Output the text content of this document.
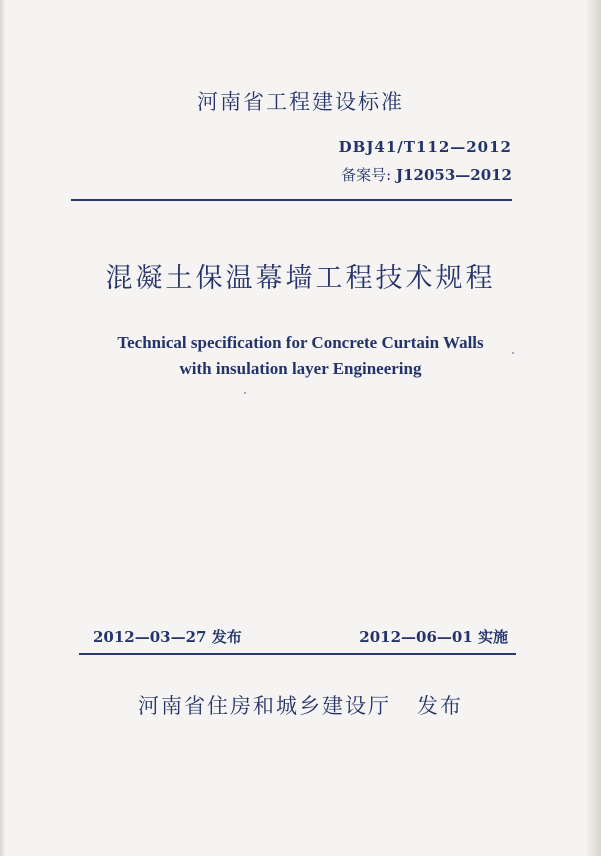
河南省工程建设标准
DBJ41/T112—2012
备案号: J12053—2012
混凝土保温幕墙工程技术规程
Technical specification for Concrete Curtain Walls
with insulation layer Engineering
2012—03—27 发布	2012—06—01 实施
河南省住房和城乡建设厅   发布
